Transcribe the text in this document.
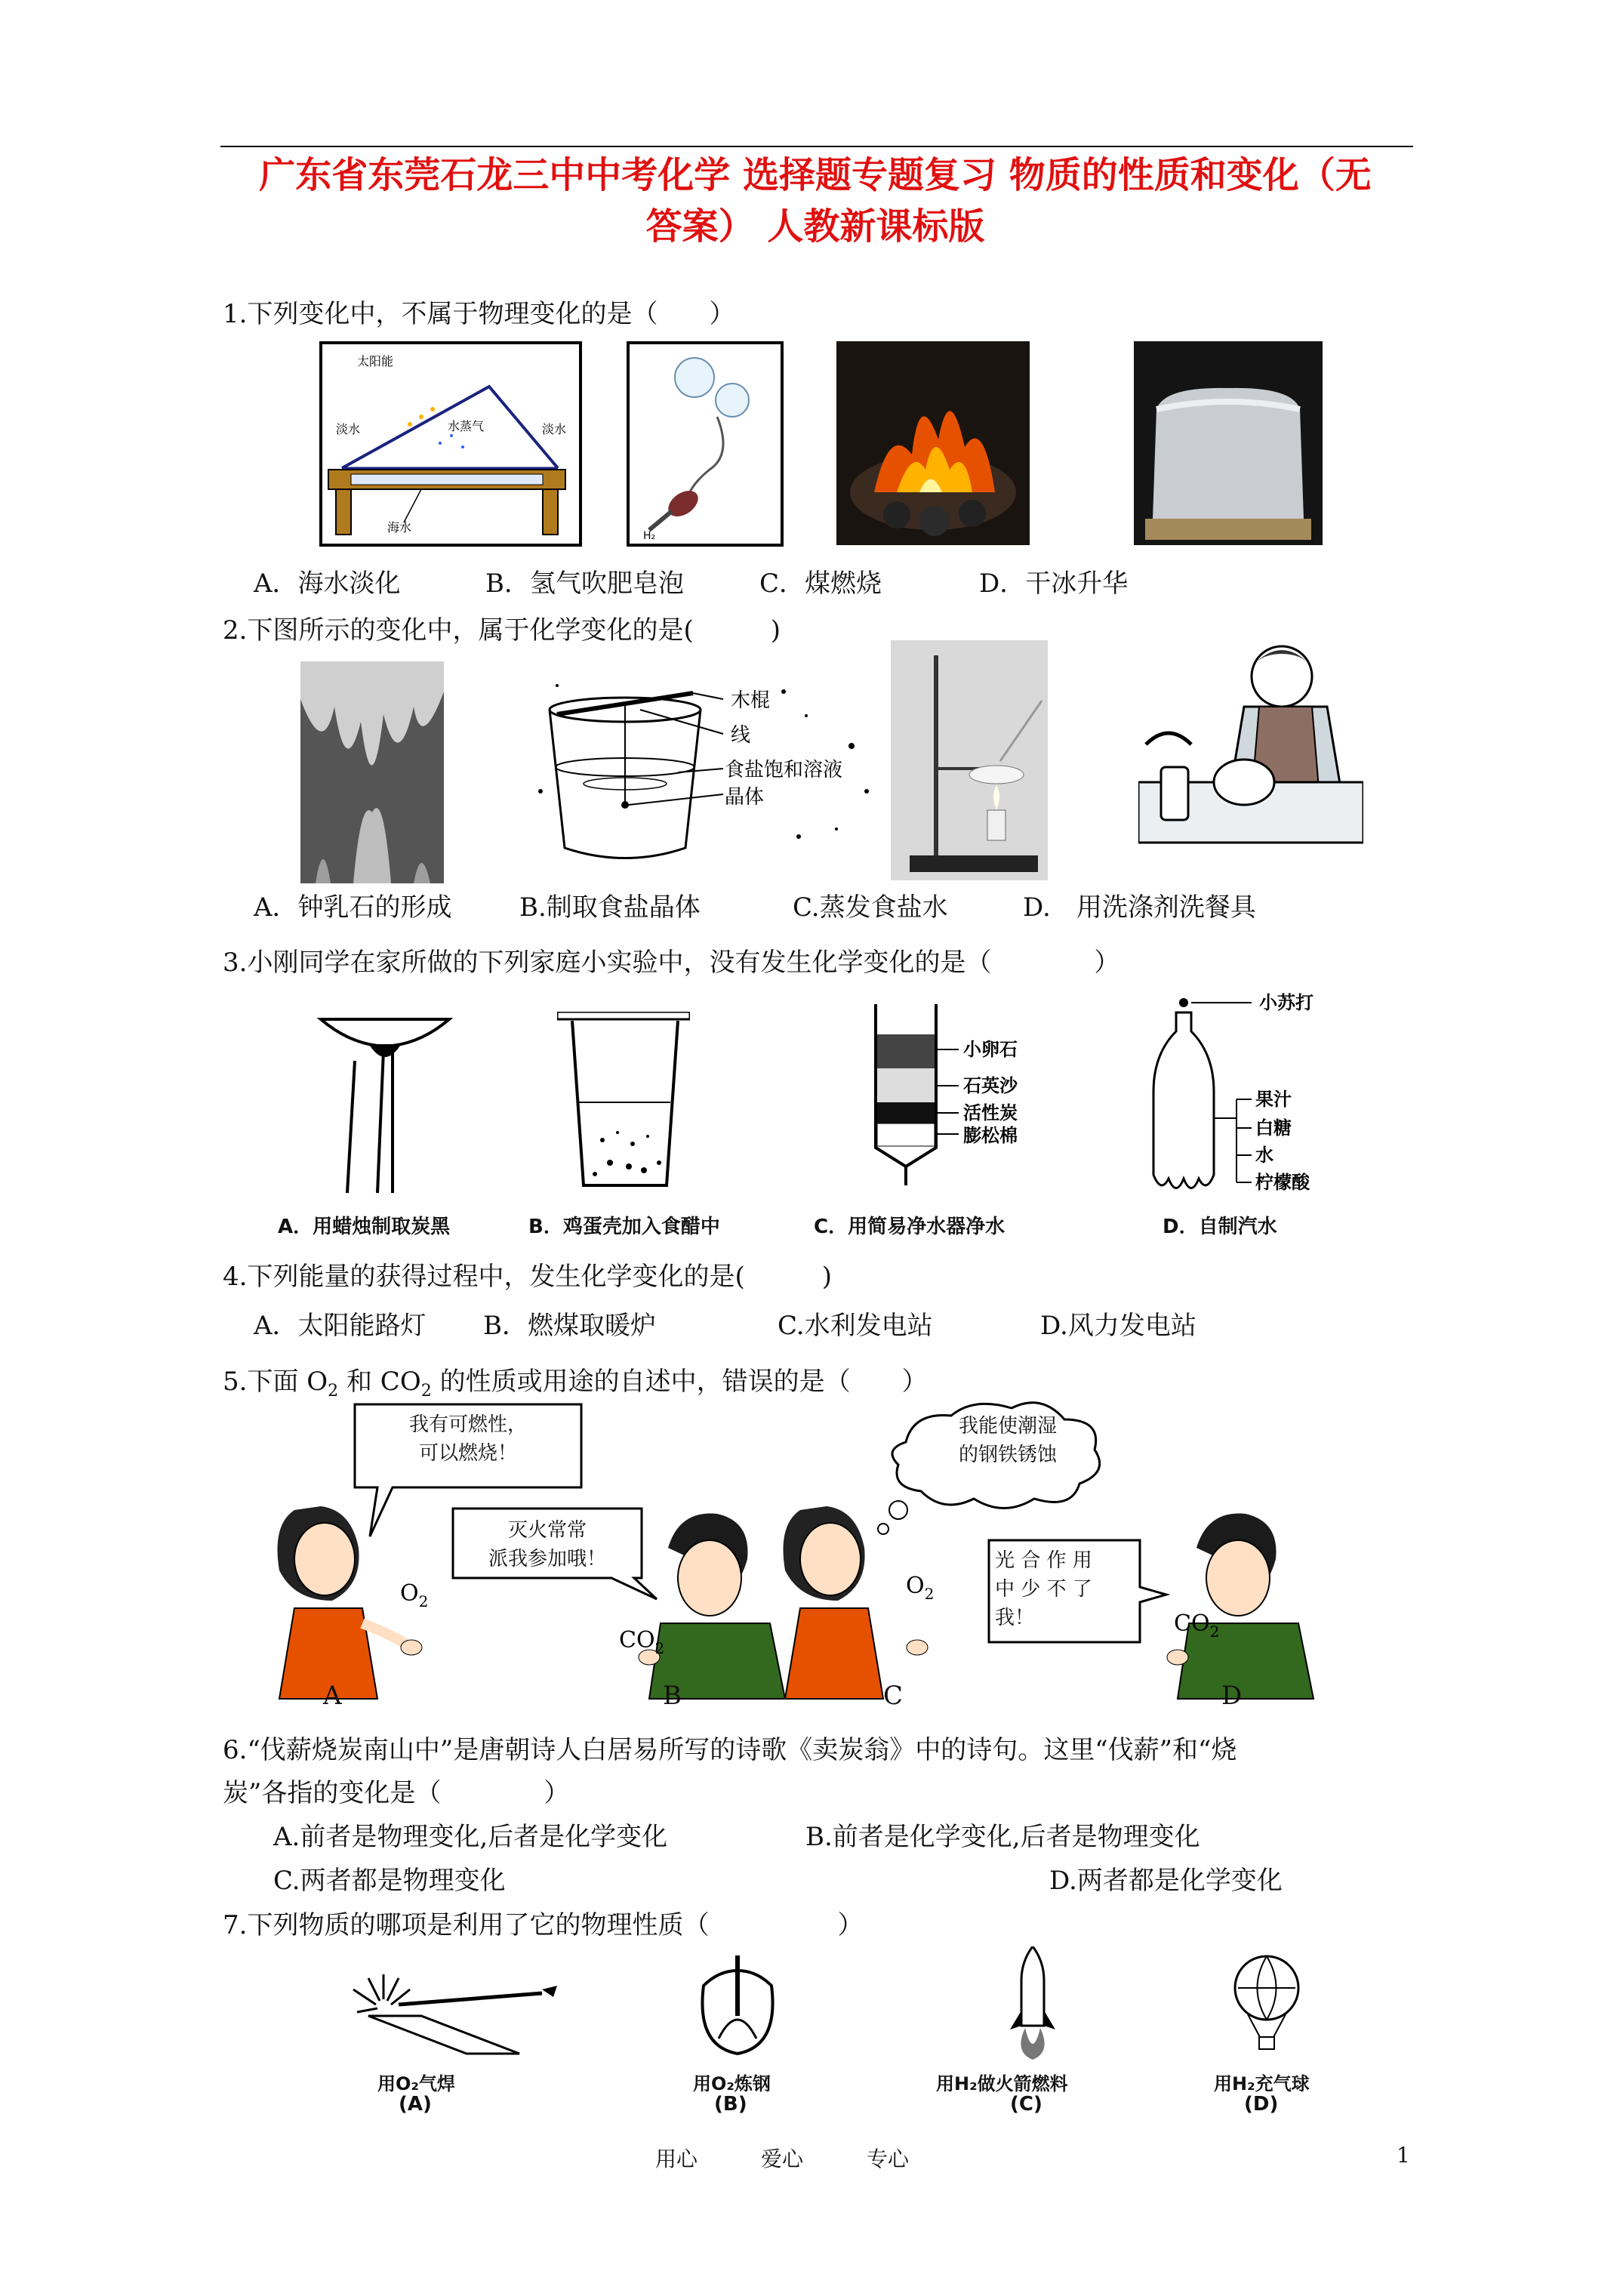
广东省东莞石龙三中中考化学 选择题专题复习 物质的性质和变化（无
答案） 人教新课标版
1.下列变化中，不属于物理变化的是（　　）
太阳能
淡水	水蒸气	淡水
海水
H₂
A．海水淡化	B．氢气吹肥皂泡	C．煤燃烧	D．干冰升华
2.下图所示的变化中，属于化学变化的是(　　　)
木棍
线
食盐饱和溶液
晶体
A．钟乳石的形成	B.制取食盐晶体	C.蒸发食盐水	D.　用洗涤剂洗餐具
3.小刚同学在家所做的下列家庭小实验中，没有发生化学变化的是（　　　　）
小卵石
石英沙
活性炭
膨松棉
小苏打
果汁
白糖
水
柠檬酸
A．用蜡烛制取炭黑	B．鸡蛋壳加入食醋中	C．用简易净水器净水	D．自制汽水
4.下列能量的获得过程中，发生化学变化的是(　　　)
A．太阳能路灯 B．燃煤取暖炉	C.水利发电站	D.风力发电站
5.下面 $O_2$ 和 $CO_2$ 的性质或用途的自述中，错误的是（　　）
$O_2$
$CO_2$
$O_2$
$CO_2$
我有可燃性，
可以燃烧！
灭火常常
派我参加哦！
我能使潮湿
的钢铁锈蚀
光 合 作 用
中 少 不 了
我！
A	B	C	D
6.“伐薪烧炭南山中”是唐朝诗人白居易所写的诗歌《卖炭翁》中的诗句。这里“伐薪”和“烧
炭”各指的变化是（　　　　）
A.前者是物理变化,后者是化学变化	B.前者是化学变化,后者是物理变化
C.两者都是物理变化	D.两者都是化学变化
7.下列物质的哪项是利用了它的物理性质（　　　　　）
用O₂气焊
(A)
用O₂炼钢
(B)
用H₂做火箭燃料
(C)
用H₂充气球
(D)
用心　　　爱心　　　专心	1
